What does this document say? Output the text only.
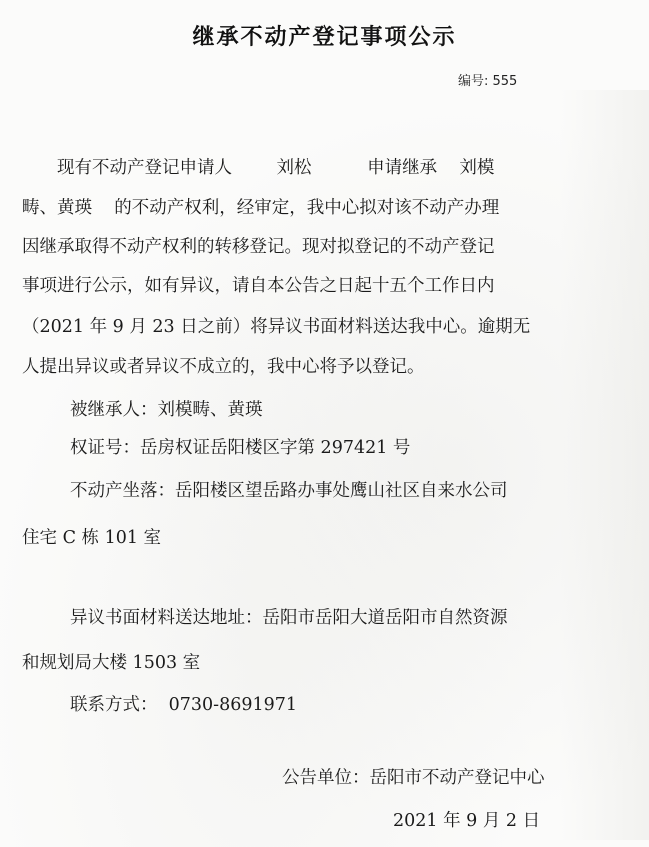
继承不动产登记事项公示
编号: 555
现有不动产登记申请人        刘松          申请继承    刘模
畴、黄瑛    的不动产权利，经审定，我中心拟对该不动产办理
因继承取得不动产权利的转移登记。现对拟登记的不动产登记
事项进行公示，如有异议，请自本公告之日起十五个工作日内
（2021 年 9 月 23 日之前）将异议书面材料送达我中心。逾期无
人提出异议或者异议不成立的，我中心将予以登记。
被继承人：刘模畴、黄瑛
权证号：岳房权证岳阳楼区字第 297421 号
不动产坐落：岳阳楼区望岳路办事处鹰山社区自来水公司
住宅 C 栋 101 室
异议书面材料送达地址：岳阳市岳阳大道岳阳市自然资源
和规划局大楼 1503 室
联系方式：  0730-8691971
公告单位：岳阳市不动产登记中心
2021 年 9 月 2 日
